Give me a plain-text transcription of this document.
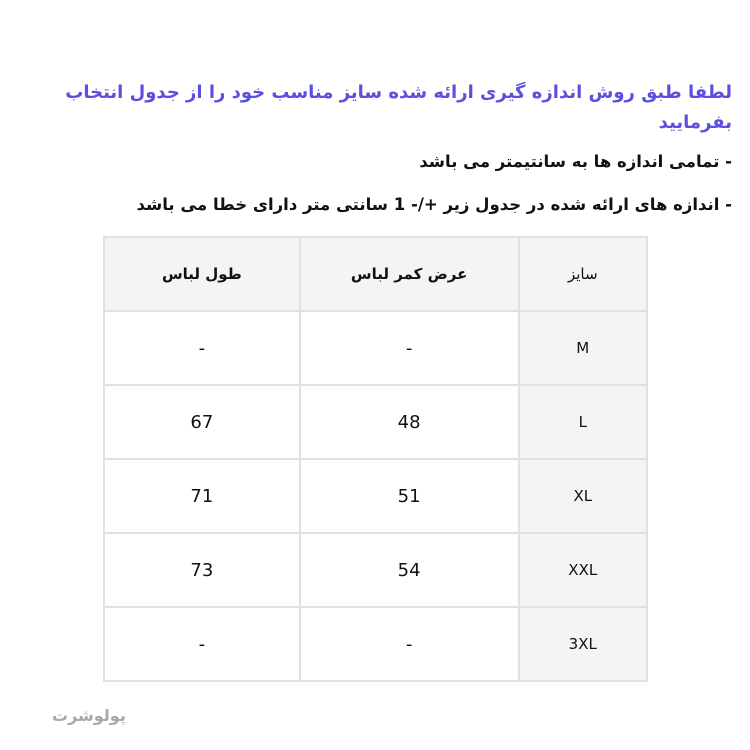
لطفا طبق روش اندازه گیری ارائه شده سایز مناسب خود را از جدول انتخاب بفرمایید

- تمامی اندازه ها به سانتیمتر می باشد

- اندازه های ارائه شده در جدول زیر +/- 1 سانتی متر دارای خطا می باشد

سایز	عرض کمر لباس	طول لباس
M	-	-
L	48	67
XL	51	71
XXL	54	73
3XL	-	-
پولوشرت
